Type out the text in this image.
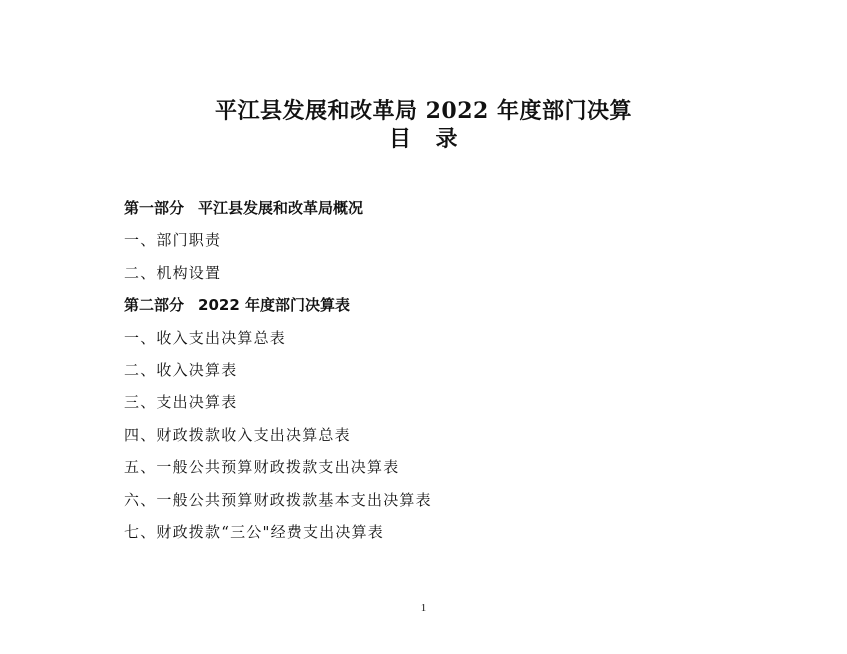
平江县发展和改革局 2022 年度部门决算
目 录
第一部分 平江县发展和改革局概况
一、部门职责
二、机构设置
第二部分 2022 年度部门决算表
一、收入支出决算总表
二、收入决算表
三、支出决算表
四、财政拨款收入支出决算总表
五、一般公共预算财政拨款支出决算表
六、一般公共预算财政拨款基本支出决算表
七、财政拨款“三公"经费支出决算表
1
